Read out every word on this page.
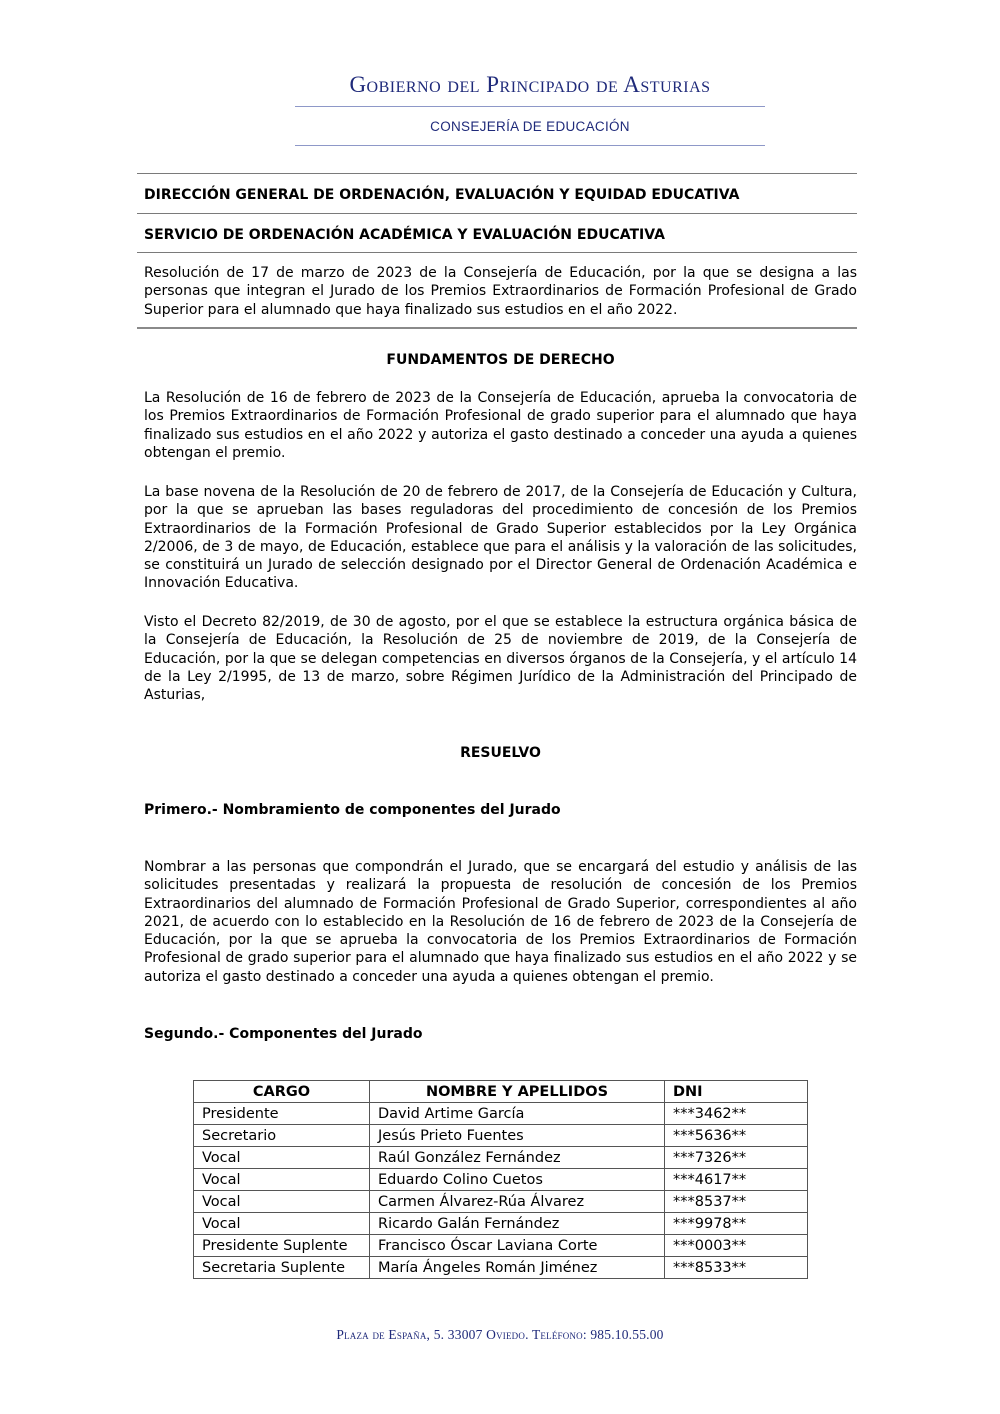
Gobierno del Principado de Asturias
CONSEJERÍA DE EDUCACIÓN
DIRECCIÓN GENERAL DE ORDENACIÓN, EVALUACIÓN Y EQUIDAD EDUCATIVA
SERVICIO DE ORDENACIÓN ACADÉMICA Y EVALUACIÓN EDUCATIVA
Resolución de 17 de marzo de 2023 de la Consejería de Educación, por la que se designa a las personas que integran el Jurado de los Premios Extraordinarios de Formación Profesional de Grado Superior para el alumnado que haya finalizado sus estudios en el año 2022.
FUNDAMENTOS DE DERECHO
La Resolución de 16 de febrero de 2023 de la Consejería de Educación, aprueba la convocatoria de los Premios Extraordinarios de Formación Profesional de grado superior para el alumnado que haya finalizado sus estudios en el año 2022 y autoriza el gasto destinado a conceder una ayuda a quienes obtengan el premio.
La base novena de la Resolución de 20 de febrero de 2017, de la Consejería de Educación y Cultura, por la que se aprueban las bases reguladoras del procedimiento de concesión de los Premios Extraordinarios de la Formación Profesional de Grado Superior establecidos por la Ley Orgánica 2/2006, de 3 de mayo, de Educación, establece que para el análisis y la valoración de las solicitudes, se constituirá un Jurado de selección designado por el Director General de Ordenación Académica e Innovación Educativa.
Visto el Decreto 82/2019, de 30 de agosto, por el que se establece la estructura orgánica básica de la Consejería de Educación, la Resolución de 25 de noviembre de 2019, de la Consejería de Educación, por la que se delegan competencias en diversos órganos de la Consejería, y el artículo 14 de la Ley 2/1995, de 13 de marzo, sobre Régimen Jurídico de la Administración del Principado de Asturias,
RESUELVO
Primero.- Nombramiento de componentes del Jurado
Nombrar a las personas que compondrán el Jurado, que se encargará del estudio y análisis de las solicitudes presentadas y realizará la propuesta de resolución de concesión de los Premios Extraordinarios del alumnado de Formación Profesional de Grado Superior, correspondientes al año 2021, de acuerdo con lo establecido en la Resolución de 16 de febrero de 2023 de la Consejería de Educación, por la que se aprueba la convocatoria de los Premios Extraordinarios de Formación Profesional de grado superior para el alumnado que haya finalizado sus estudios en el año 2022 y se autoriza el gasto destinado a conceder una ayuda a quienes obtengan el premio.
Segundo.- Componentes del Jurado
CARGO	NOMBRE Y APELLIDOS	DNI
Presidente	David Artime García	***3462**
Secretario	Jesús Prieto Fuentes	***5636**
Vocal	Raúl González Fernández	***7326**
Vocal	Eduardo Colino Cuetos	***4617**
Vocal	Carmen Álvarez-Rúa Álvarez	***8537**
Vocal	Ricardo Galán Fernández	***9978**
Presidente Suplente	Francisco Óscar Laviana Corte	***0003**
Secretaria Suplente	María Ángeles Román Jiménez	***8533**
Plaza de España, 5. 33007 Oviedo. Teléfono: 985.10.55.00
